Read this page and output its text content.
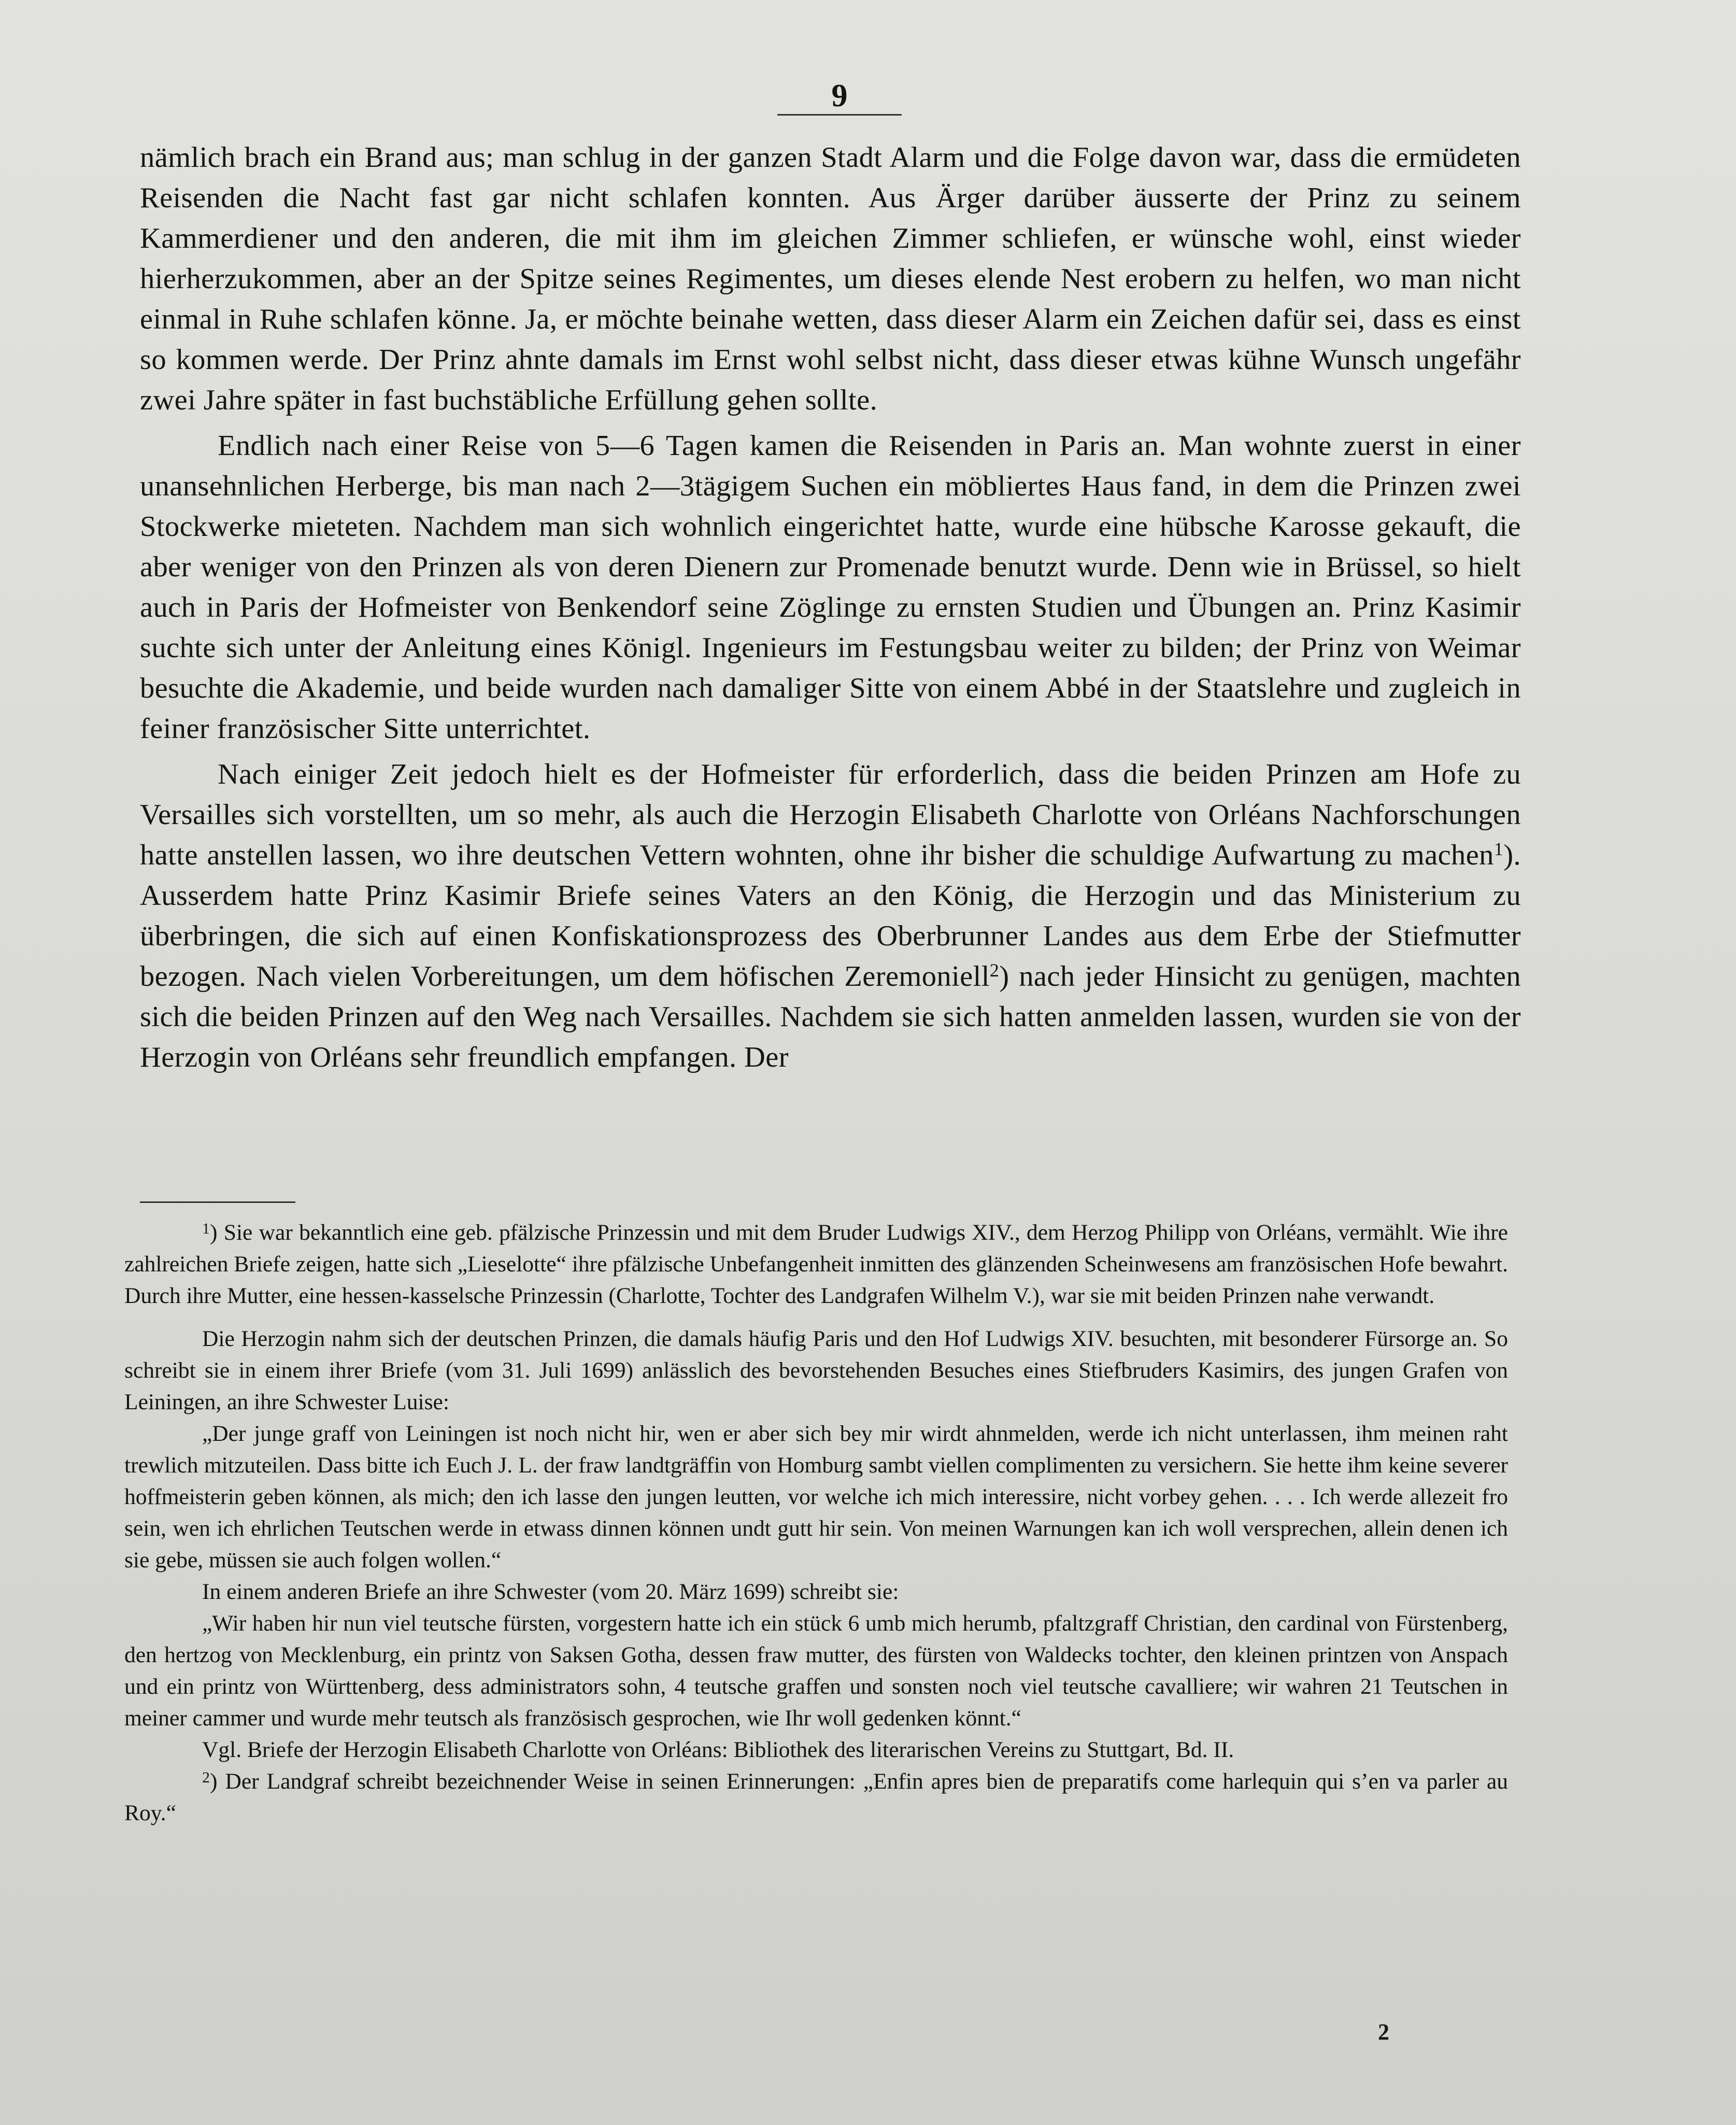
9

nämlich brach ein Brand aus; man schlug in der ganzen Stadt Alarm und die Folge davon war, dass die ermüdeten Reisenden die Nacht fast gar nicht schlafen konnten. Aus Ärger darüber äusserte der Prinz zu seinem Kammerdiener und den anderen, die mit ihm im gleichen Zimmer schliefen, er wünsche wohl, einst wieder hierherzukommen, aber an der Spitze seines Regimentes, um dieses elende Nest erobern zu helfen, wo man nicht einmal in Ruhe schlafen könne. Ja, er möchte beinahe wetten, dass dieser Alarm ein Zeichen dafür sei, dass es einst so kommen werde. Der Prinz ahnte damals im Ernst wohl selbst nicht, dass dieser etwas kühne Wunsch ungefähr zwei Jahre später in fast buchstäbliche Erfüllung gehen sollte.

Endlich nach einer Reise von 5—6 Tagen kamen die Reisenden in Paris an. Man wohnte zuerst in einer unansehnlichen Herberge, bis man nach 2—3tägigem Suchen ein möbliertes Haus fand, in dem die Prinzen zwei Stockwerke mieteten. Nachdem man sich wohnlich eingerichtet hatte, wurde eine hübsche Karosse gekauft, die aber weniger von den Prinzen als von deren Dienern zur Promenade benutzt wurde. Denn wie in Brüssel, so hielt auch in Paris der Hofmeister von Benkendorf seine Zöglinge zu ernsten Studien und Übungen an. Prinz Kasimir suchte sich unter der Anleitung eines Königl. Ingenieurs im Festungsbau weiter zu bilden; der Prinz von Weimar besuchte die Akademie, und beide wurden nach damaliger Sitte von einem Abbé in der Staatslehre und zugleich in feiner französischer Sitte unterrichtet.

Nach einiger Zeit jedoch hielt es der Hofmeister für erforderlich, dass die beiden Prinzen am Hofe zu Versailles sich vorstellten, um so mehr, als auch die Herzogin Elisabeth Charlotte von Orléans Nachforschungen hatte anstellen lassen, wo ihre deutschen Vettern wohnten, ohne ihr bisher die schuldige Aufwartung zu machen$^1$). Ausserdem hatte Prinz Kasimir Briefe seines Vaters an den König, die Herzogin und das Ministerium zu überbringen, die sich auf einen Konfiskationsprozess des Oberbrunner Landes aus dem Erbe der Stiefmutter bezogen. Nach vielen Vorbereitungen, um dem höfischen Zeremoniell$^2$) nach jeder Hinsicht zu genügen, machten sich die beiden Prinzen auf den Weg nach Versailles. Nachdem sie sich hatten anmelden lassen, wurden sie von der Herzogin von Orléans sehr freundlich empfangen. Der

$^1$) Sie war bekanntlich eine geb. pfälzische Prinzessin und mit dem Bruder Ludwigs XIV., dem Herzog Philipp von Orléans, vermählt. Wie ihre zahlreichen Briefe zeigen, hatte sich „Lieselotte“ ihre pfälzische Unbefangenheit inmitten des glänzenden Scheinwesens am französischen Hofe bewahrt. Durch ihre Mutter, eine hessen-kasselsche Prinzessin (Charlotte, Tochter des Landgrafen Wilhelm V.), war sie mit beiden Prinzen nahe verwandt.

Die Herzogin nahm sich der deutschen Prinzen, die damals häufig Paris und den Hof Ludwigs XIV. besuchten, mit besonderer Fürsorge an. So schreibt sie in einem ihrer Briefe (vom 31. Juli 1699) anlässlich des bevorstehenden Besuches eines Stiefbruders Kasimirs, des jungen Grafen von Leiningen, an ihre Schwester Luise:

„Der junge graff von Leiningen ist noch nicht hir, wen er aber sich bey mir wirdt ahnmelden, werde ich nicht unterlassen, ihm meinen raht trewlich mitzuteilen. Dass bitte ich Euch J. L. der fraw landtgräffin von Homburg sambt viellen complimenten zu versichern. Sie hette ihm keine severer hoffmeisterin geben können, als mich; den ich lasse den jungen leutten, vor welche ich mich interessire, nicht vorbey gehen. . . . Ich werde allezeit fro sein, wen ich ehrlichen Teutschen werde in etwass dinnen können undt gutt hir sein. Von meinen Warnungen kan ich woll versprechen, allein denen ich sie gebe, müssen sie auch folgen wollen.“

In einem anderen Briefe an ihre Schwester (vom 20. März 1699) schreibt sie:

„Wir haben hir nun viel teutsche fürsten, vorgestern hatte ich ein stück 6 umb mich herumb, pfaltzgraff Christian, den cardinal von Fürstenberg, den hertzog von Mecklenburg, ein printz von Saksen Gotha, dessen fraw mutter, des fürsten von Waldecks tochter, den kleinen printzen von Anspach und ein printz von Württenberg, dess administrators sohn, 4 teutsche graffen und sonsten noch viel teutsche cavalliere; wir wahren 21 Teutschen in meiner cammer und wurde mehr teutsch als französisch gesprochen, wie Ihr woll gedenken könnt.“

Vgl. Briefe der Herzogin Elisabeth Charlotte von Orléans: Bibliothek des literarischen Vereins zu Stuttgart, Bd. II.

$^2$) Der Landgraf schreibt bezeichnender Weise in seinen Erinnerungen: „Enfin apres bien de preparatifs come harlequin qui s’en va parler au Roy.“

2
